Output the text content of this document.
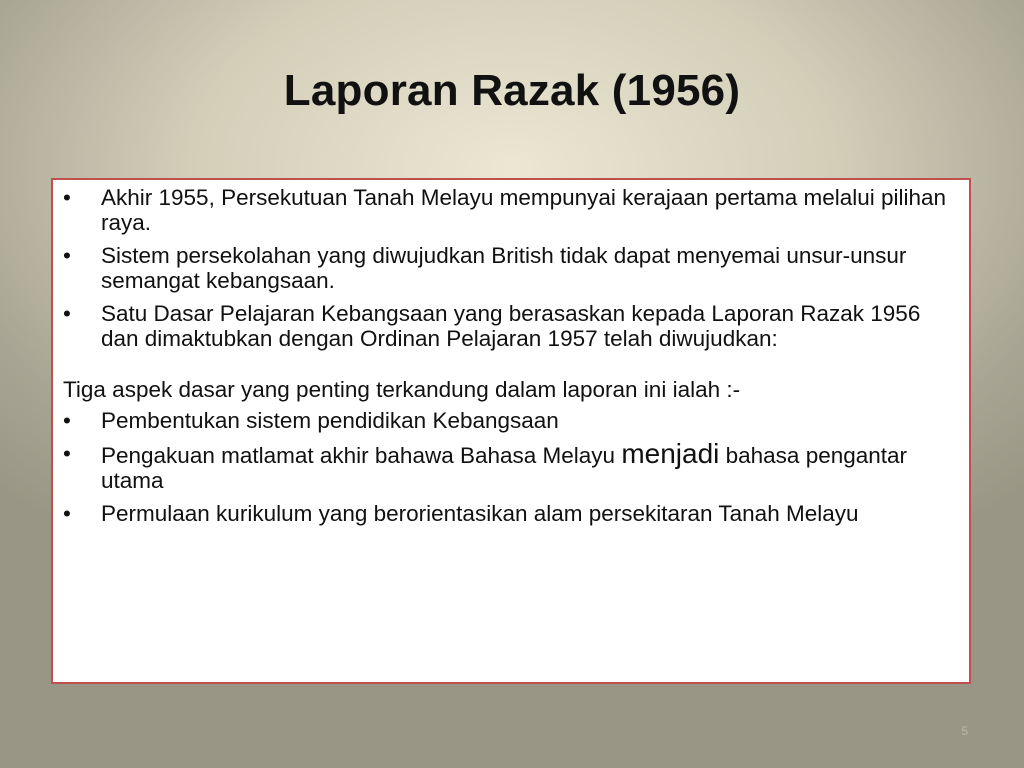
Laporan Razak (1956)
• Akhir 1955, Persekutuan Tanah Melayu mempunyai kerajaan pertama melalui pilihan raya.
• Sistem persekolahan yang diwujudkan British tidak dapat menyemai unsur-unsur semangat kebangsaan.
• Satu Dasar Pelajaran Kebangsaan yang berasaskan kepada Laporan Razak 1956 dan dimaktubkan dengan Ordinan Pelajaran 1957 telah diwujudkan:
Tiga aspek dasar yang penting terkandung dalam laporan ini ialah :-
• Pembentukan sistem pendidikan Kebangsaan
• Pengakuan matlamat akhir bahawa Bahasa Melayu menjadi bahasa pengantar utama
• Permulaan kurikulum yang berorientasikan alam persekitaran Tanah Melayu
5
